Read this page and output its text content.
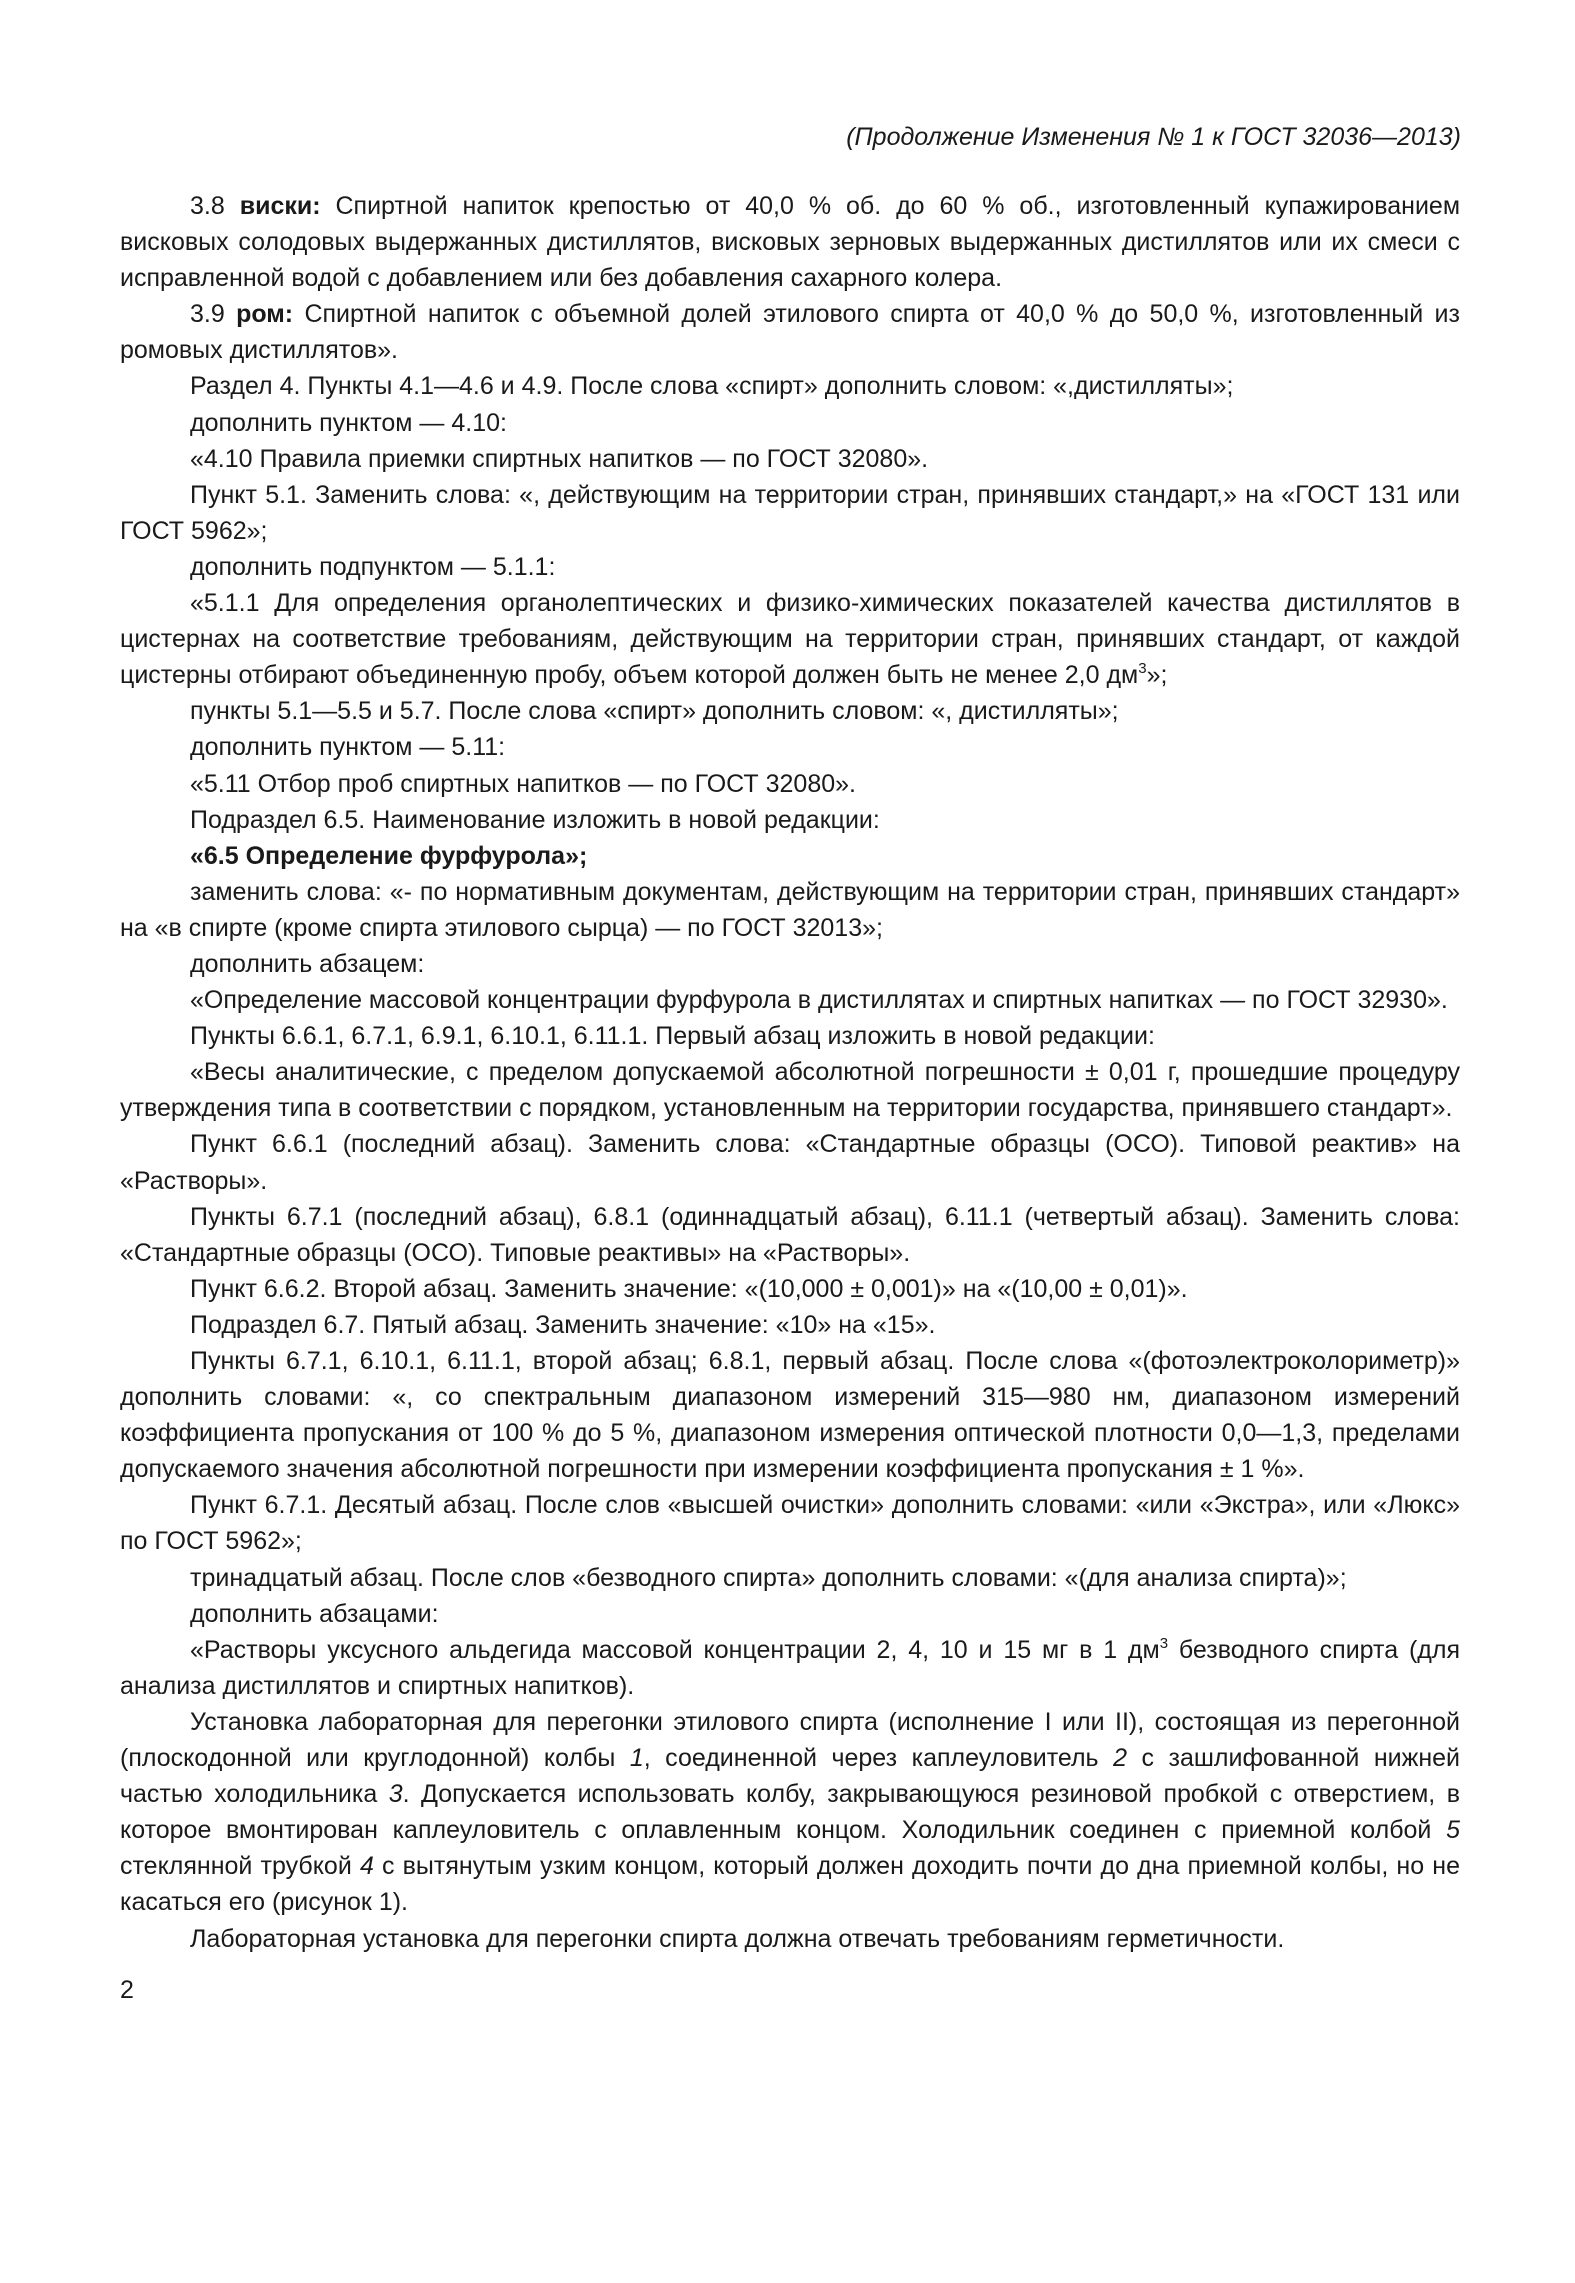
(Продолжение Изменения № 1 к ГОСТ 32036—2013)

3.8 виски: Спиртной напиток крепостью от 40,0 % об. до 60 % об., изготовленный купажированием висковых солодовых выдержанных дистиллятов, висковых зерновых выдержанных дистиллятов или их смеси с исправленной водой с добавлением или без добавления сахарного колера.

3.9 ром: Спиртной напиток с объемной долей этилового спирта от 40,0 % до 50,0 %, изготовленный из ромовых дистиллятов».

Раздел 4. Пункты 4.1—4.6 и 4.9. После слова «спирт» дополнить словом: «,дистилляты»;

дополнить пунктом — 4.10:

«4.10 Правила приемки спиртных напитков — по ГОСТ 32080».

Пункт 5.1. Заменить слова: «, действующим на территории стран, принявших стандарт,» на «ГОСТ 131 или ГОСТ 5962»;

дополнить подпунктом — 5.1.1:

«5.1.1 Для определения органолептических и физико-химических показателей качества дистиллятов в цистернах на соответствие требованиям, действующим на территории стран, принявших стандарт, от каждой цистерны отбирают объединенную пробу, объем которой должен быть не менее 2,0 $дм^3$»;

пункты 5.1—5.5 и 5.7. После слова «спирт» дополнить словом: «, дистилляты»;

дополнить пунктом — 5.11:

«5.11 Отбор проб спиртных напитков — по ГОСТ 32080».

Подраздел 6.5. Наименование изложить в новой редакции:

«6.5 Определение фурфурола»;

заменить слова: «- по нормативным документам, действующим на территории стран, принявших стандарт» на «в спирте (кроме спирта этилового сырца) — по ГОСТ 32013»;

дополнить абзацем:

«Определение массовой концентрации фурфурола в дистиллятах и спиртных напитках — по ГОСТ 32930».

Пункты 6.6.1, 6.7.1, 6.9.1, 6.10.1, 6.11.1. Первый абзац изложить в новой редакции:

«Весы аналитические, с пределом допускаемой абсолютной погрешности ± 0,01 г, прошедшие процедуру утверждения типа в соответствии с порядком, установленным на территории государства, принявшего стандарт».

Пункт 6.6.1 (последний абзац). Заменить слова: «Стандартные образцы (ОСО). Типовой реактив» на «Растворы».

Пункты 6.7.1 (последний абзац), 6.8.1 (одиннадцатый абзац), 6.11.1 (четвертый абзац). Заменить слова: «Стандартные образцы (ОСО). Типовые реактивы» на «Растворы».

Пункт 6.6.2. Второй абзац. Заменить значение: «(10,000 ± 0,001)» на «(10,00 ± 0,01)».

Подраздел 6.7. Пятый абзац. Заменить значение: «10» на «15».

Пункты 6.7.1, 6.10.1, 6.11.1, второй абзац; 6.8.1, первый абзац. После слова «(фотоэлектроколориметр)» дополнить словами: «, со спектральным диапазоном измерений 315—980 нм, диапазоном измерений коэффициента пропускания от 100 % до 5 %, диапазоном измерения оптической плотности 0,0—1,3, пределами допускаемого значения абсолютной погрешности при измерении коэффициента пропускания ± 1 %».

Пункт 6.7.1. Десятый абзац. После слов «высшей очистки» дополнить словами: «или «Экстра», или «Люкс» по ГОСТ 5962»;

тринадцатый абзац. После слов «безводного спирта» дополнить словами: «(для анализа спирта)»;

дополнить абзацами:

«Растворы уксусного альдегида массовой концентрации 2, 4, 10 и 15 мг в 1 $дм^3$ безводного спирта (для анализа дистиллятов и спиртных напитков).

Установка лабораторная для перегонки этилового спирта (исполнение I или II), состоящая из перегонной (плоскодонной или круглодонной) колбы 1, соединенной через каплеуловитель 2 с зашлифованной нижней частью холодильника 3. Допускается использовать колбу, закрывающуюся резиновой пробкой с отверстием, в которое вмонтирован каплеуловитель с оплавленным концом. Холодильник соединен с приемной колбой 5 стеклянной трубкой 4 с вытянутым узким концом, который должен доходить почти до дна приемной колбы, но не касаться его (рисунок 1).

Лабораторная установка для перегонки спирта должна отвечать требованиям герметичности.

2
